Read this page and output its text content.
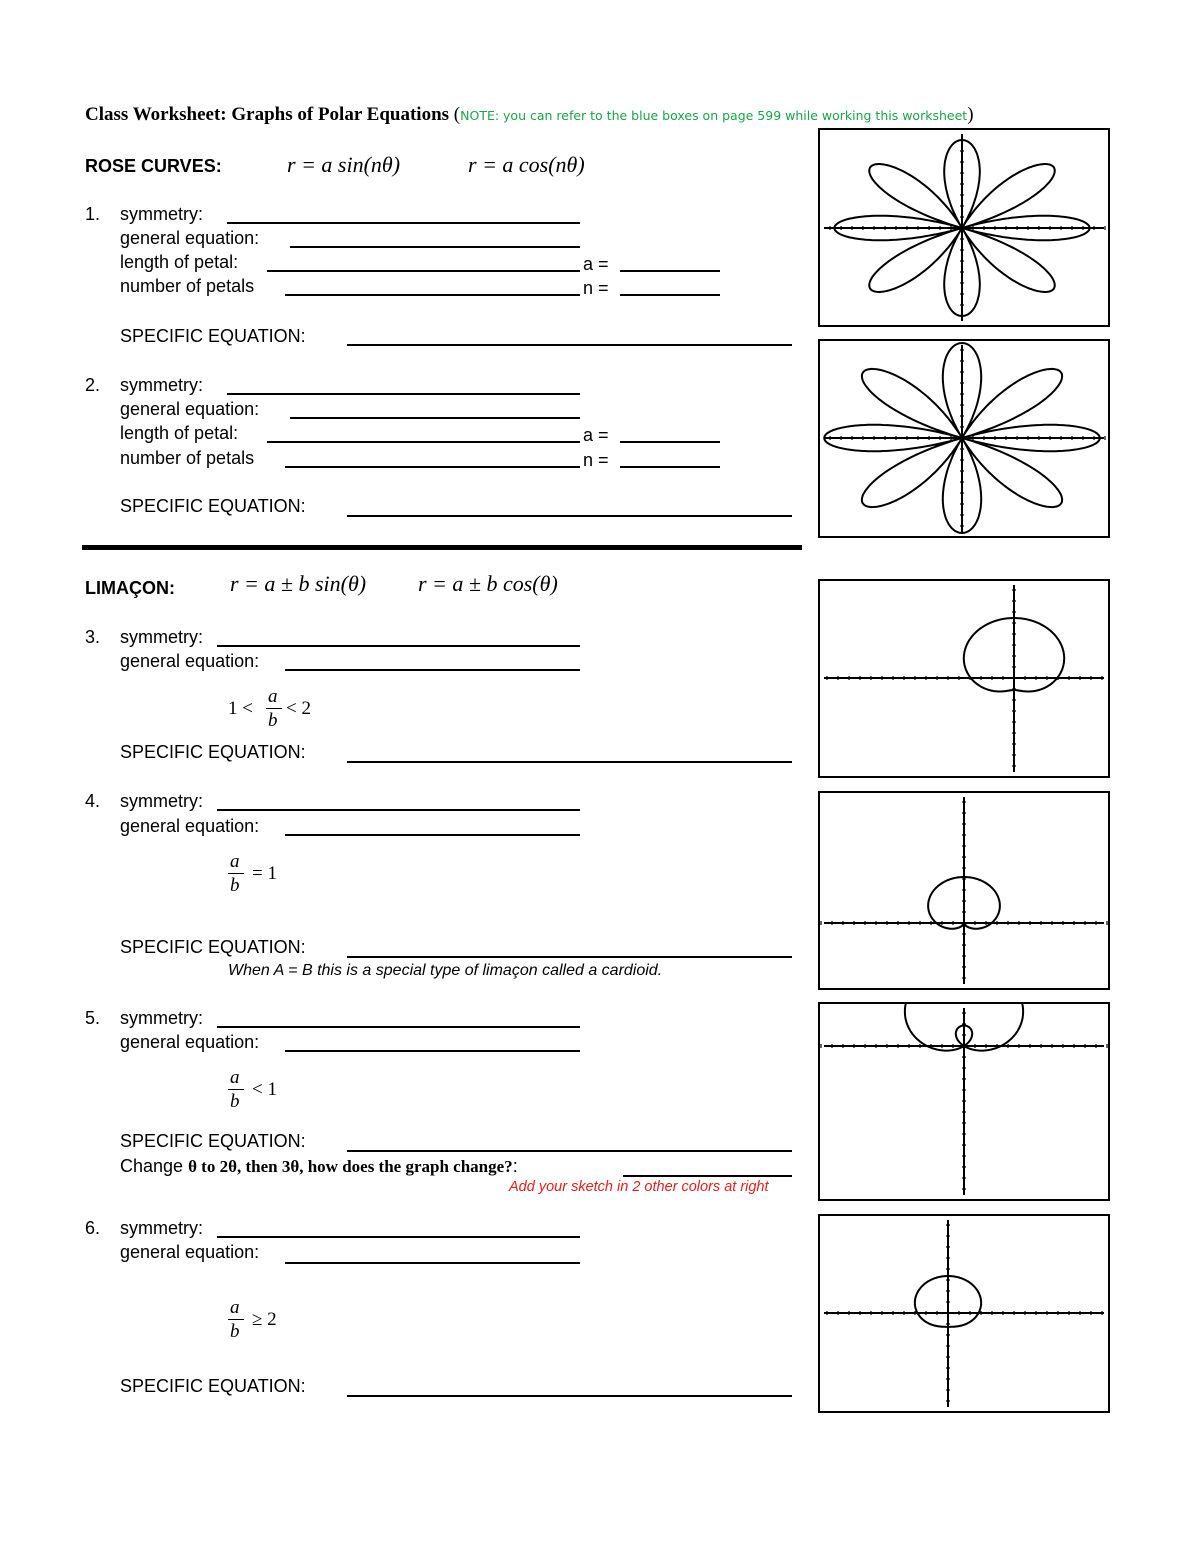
Class Worksheet: Graphs of Polar Equations (NOTE: you can refer to the blue boxes on page 599 while working this worksheet)
ROSE CURVES:	r = a sin(nθ)	r = a cos(nθ)
1. symmetry:
general equation:
length of petal:	a =
number of petals	n =
SPECIFIC EQUATION:
2. symmetry:
general equation:
length of petal:	a =
number of petals	n =
SPECIFIC EQUATION:
LIMAÇON:	r = a ± b sin(θ) r = a ± b cos(θ)
3. symmetry:
general equation:
1 <
a
b
< 2
SPECIFIC EQUATION:
4. symmetry:
general equation:
a
b
= 1
SPECIFIC EQUATION:
When A = B this is a special type of limaçon called a cardioid.
5. symmetry:
general equation:
a
b
< 1
SPECIFIC EQUATION:
Change θ to 2θ, then 3θ, how does the graph change?:
Add your sketch in 2 other colors at right
6. symmetry:
general equation:
a
b
≥ 2
SPECIFIC EQUATION:
